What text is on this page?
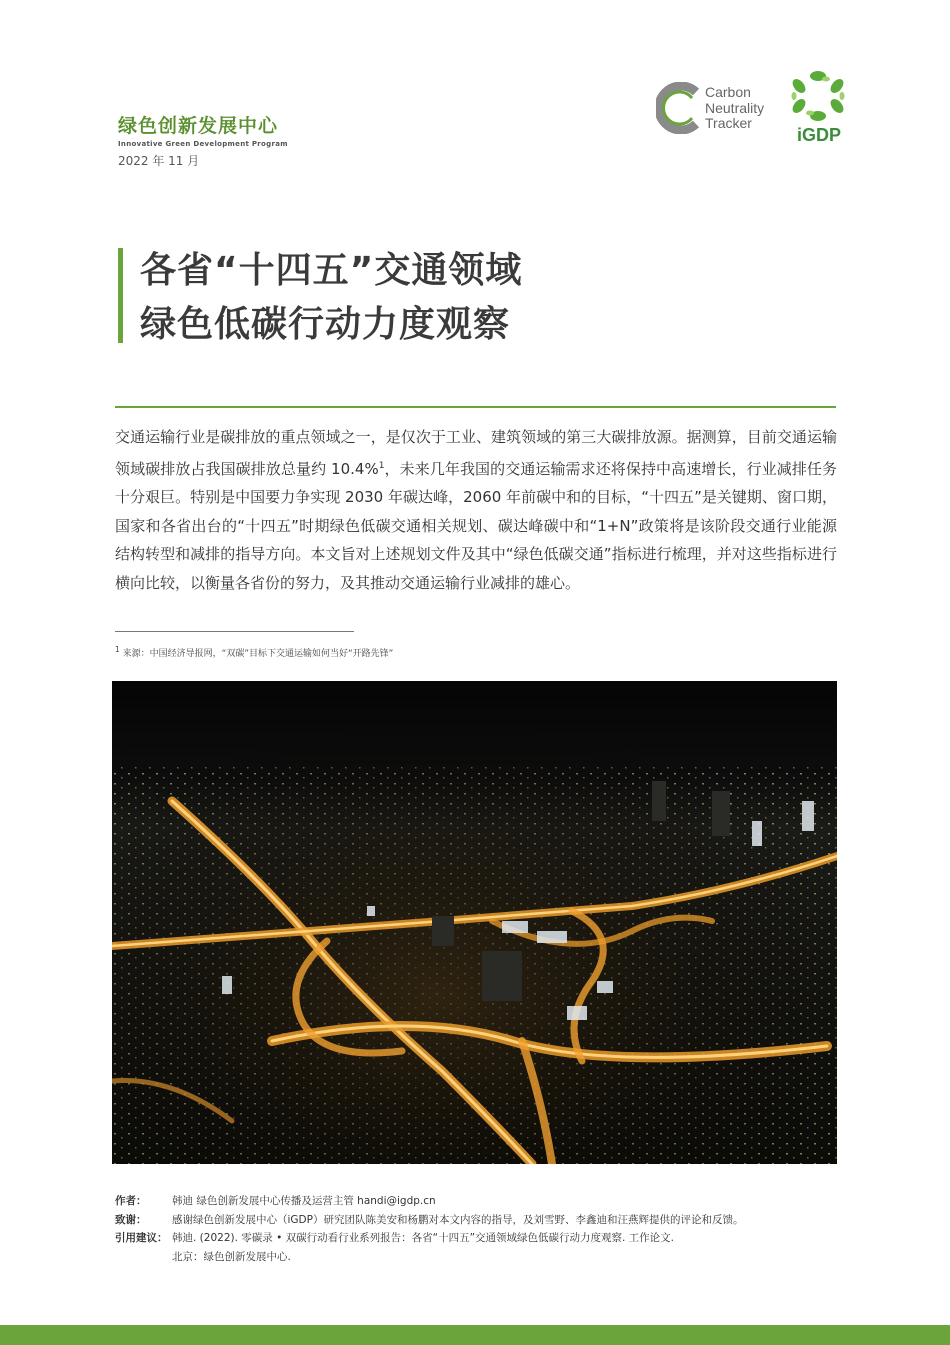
绿色创新发展中心
Innovative Green Development Program
2022 年 11 月
Carbon
Neutrality
Tracker
iGDP
各省“十四五”交通领域
绿色低碳行动力度观察
交通运输行业是碳排放的重点领域之一，是仅次于工业、建筑领域的第三大碳排放源。据测算，目前交通运输领域碳排放占我国碳排放总量约 10.4%$^1$，未来几年我国的交通运输需求还将保持中高速增长，行业减排任务十分艰巨。特别是中国要力争实现 2030 年碳达峰，2060 年前碳中和的目标，“十四五”是关键期、窗口期，国家和各省出台的“十四五”时期绿色低碳交通相关规划、碳达峰碳中和“1+N”政策将是该阶段交通行业能源结构转型和减排的指导方向。本文旨对上述规划文件及其中“绿色低碳交通”指标进行梳理，并对这些指标进行横向比较，以衡量各省份的努力，及其推动交通运输行业减排的雄心。
$^1$ 来源：中国经济导报网，“双碳”目标下交通运输如何当好“开路先锋”
作者：	韩迪 绿色创新发展中心传播及运营主管 handi@igdp.cn
致谢：	感谢绿色创新发展中心（iGDP）研究团队陈美安和杨鹏对本文内容的指导，及刘雪野、李鑫迪和汪燕辉提供的评论和反馈。
引用建议： 韩迪. (2022). 零碳录 • 双碳行动看行业系列报告：各省“十四五”交通领域绿色低碳行动力度观察. 工作论文.
北京：绿色创新发展中心.
